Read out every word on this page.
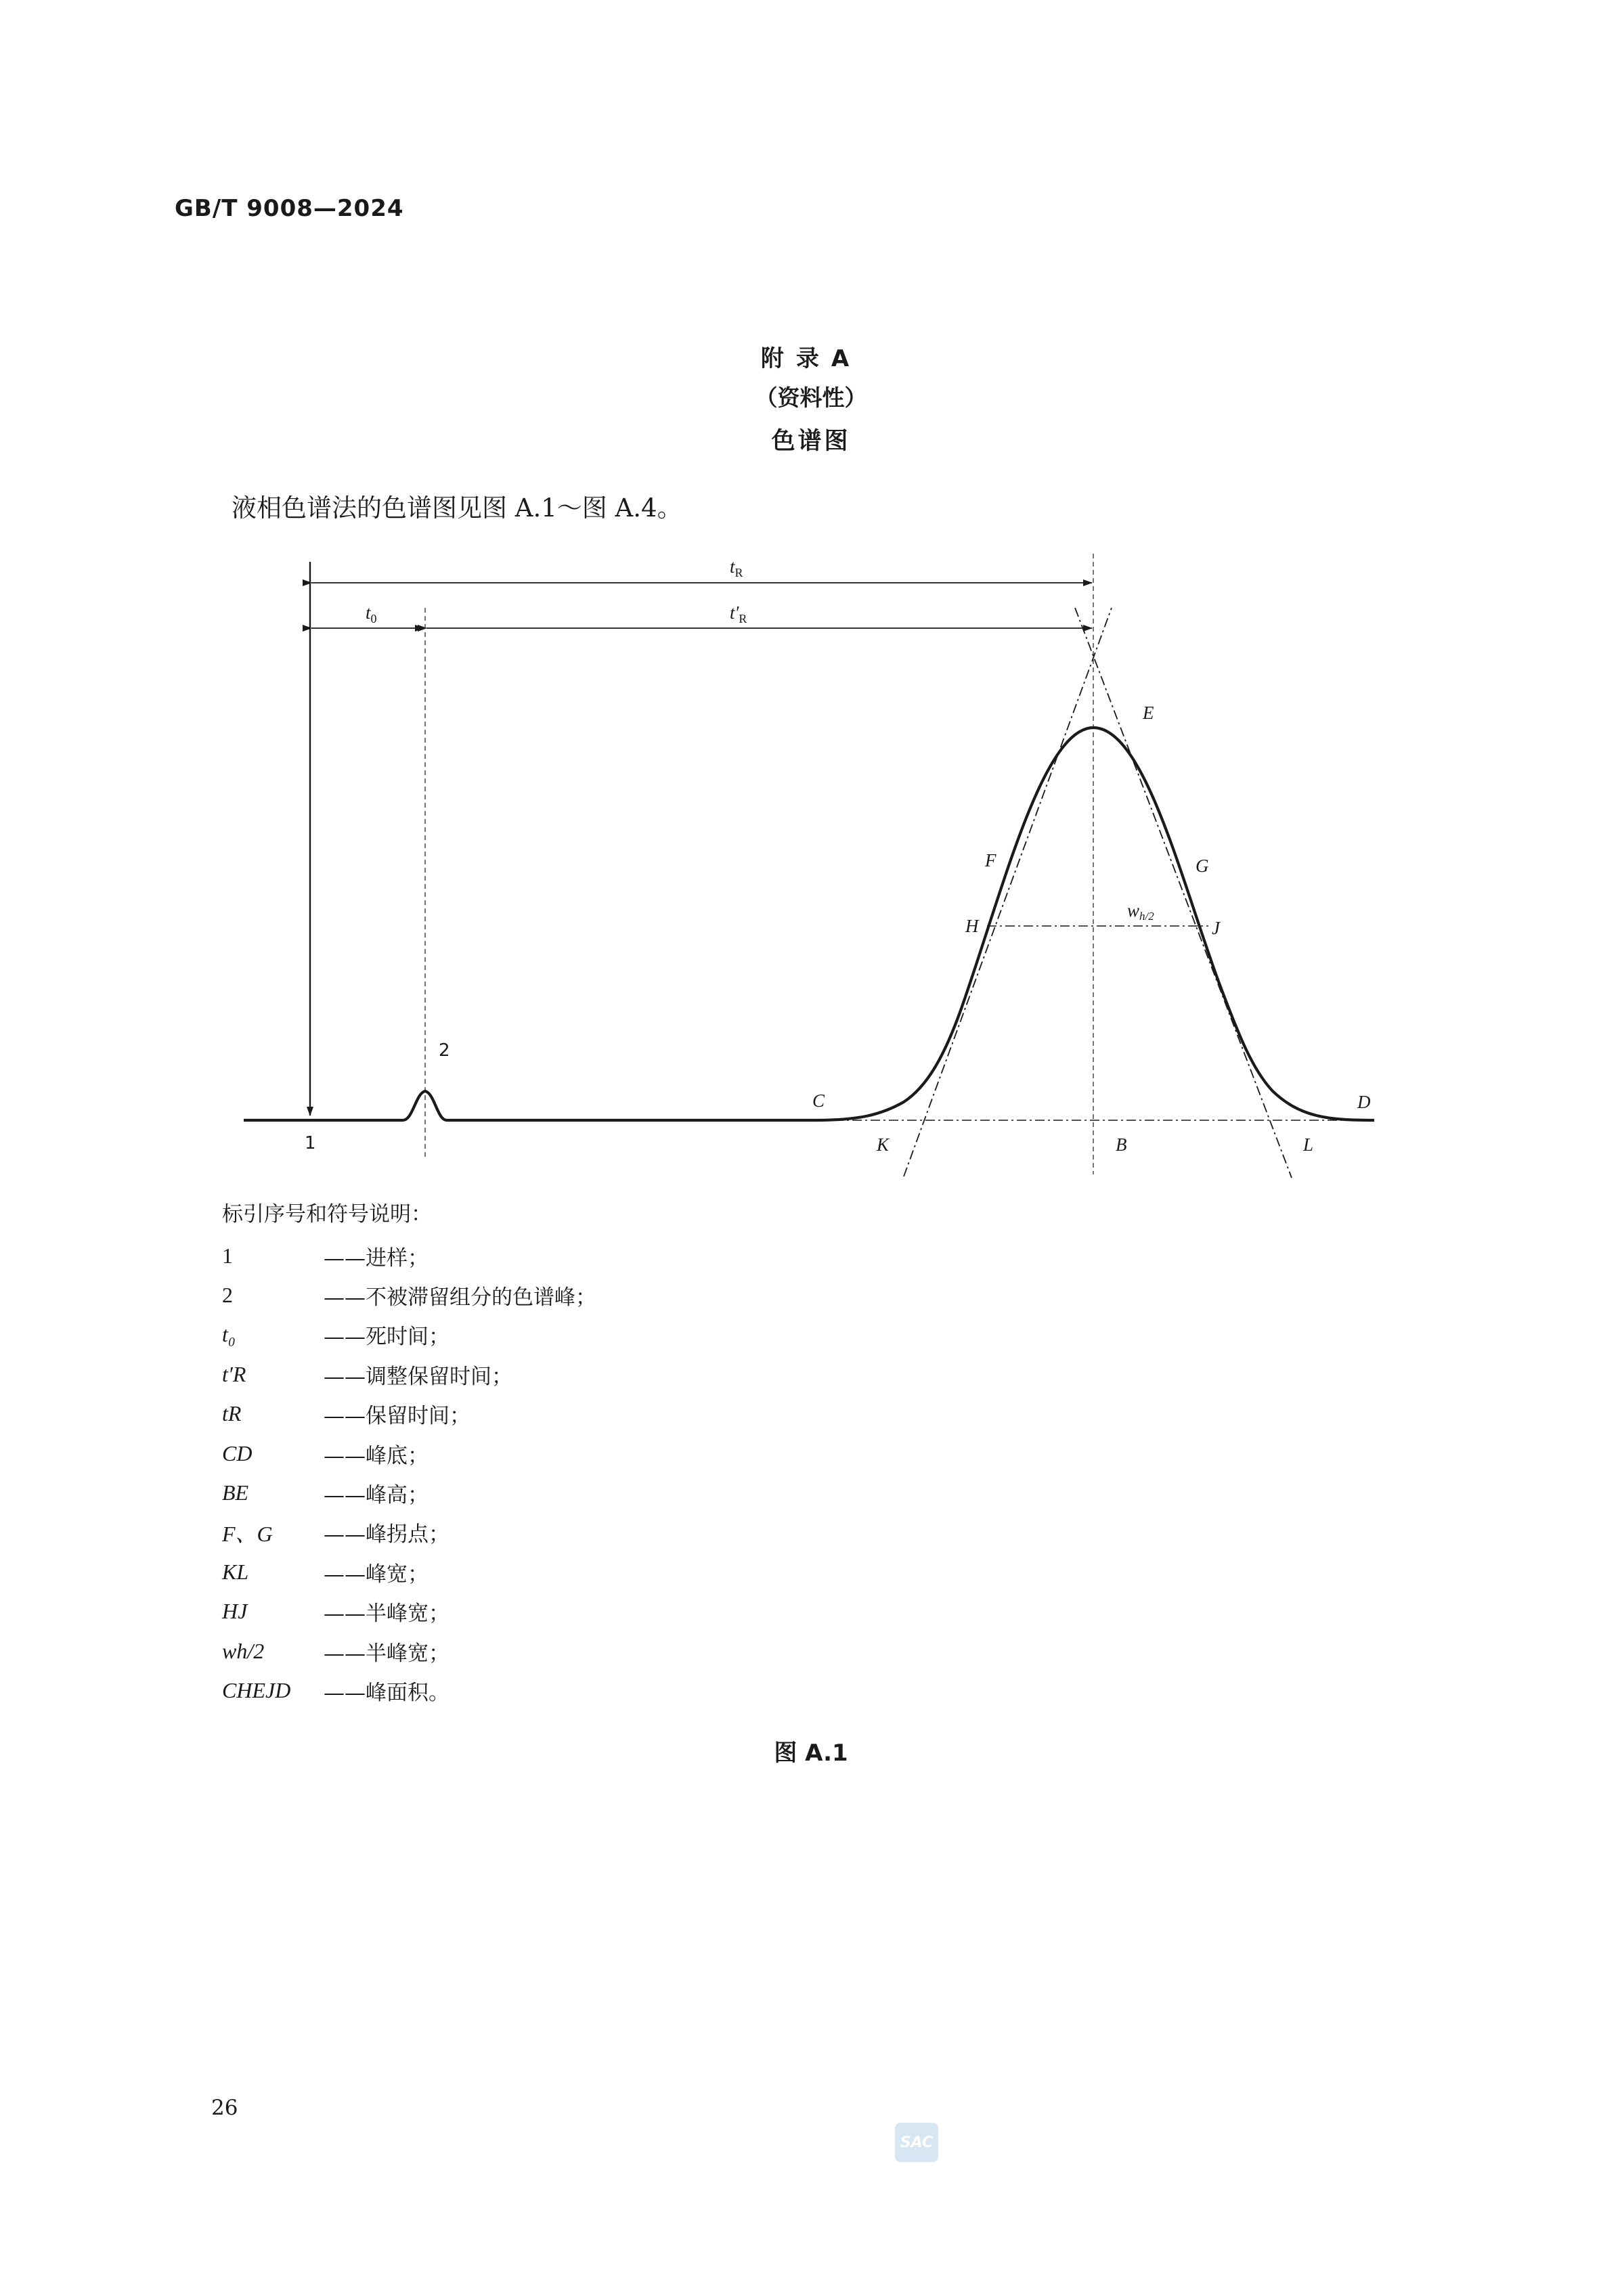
GB/T 9008—2024
附录A
（资料性）
色谱图
液相色谱法的色谱图见图 A.1～图 A.4。
$t_R$
$t'_R$
$t_0$
1
2
C	D
E
F	G
H	J
K	B	L
wh/2
标引序号和符号说明：
1	——进样；
2	——不被滞留组分的色谱峰；
t₀	——死时间；
t′R	——调整保留时间；
tR	——保留时间；
CD	——峰底；
BE	——峰高；
F、G	——峰拐点；
KL	——峰宽；
HJ	——半峰宽；
wh/2	——半峰宽；
CHEJD	——峰面积。
图 A.1
26
SAC
